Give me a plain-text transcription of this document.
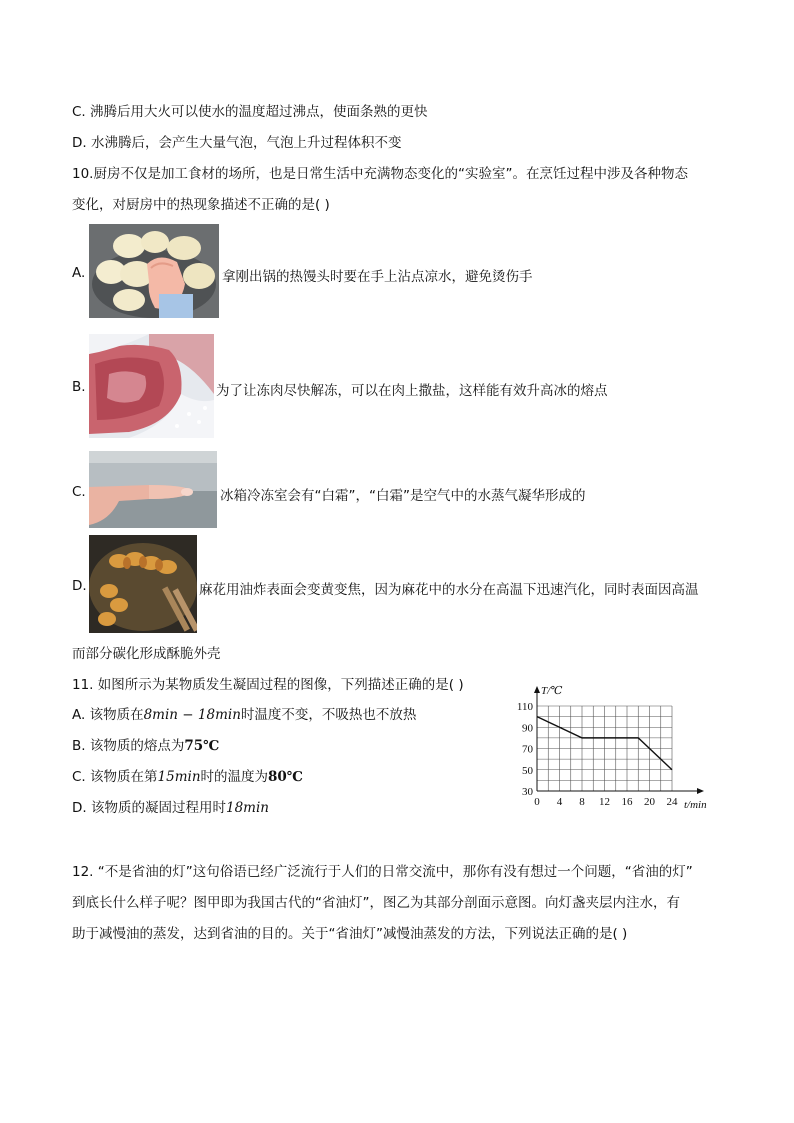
C. 沸腾后用大火可以使水的温度超过沸点，使面条熟的更快
D. 水沸腾后，会产生大量气泡，气泡上升过程体积不变
10.厨房不仅是加工食材的场所，也是日常生活中充满物态变化的“实验室”。在烹饪过程中涉及各种物态
变化，对厨房中的热现象描述不正确的是( )
A.	拿刚出锅的热馒头时要在手上沾点凉水，避免烫伤手
B.	为了让冻肉尽快解冻，可以在肉上撒盐，这样能有效升高冰的熔点
C.	冰箱冷冻室会有“白霜”，“白霜”是空气中的水蒸气凝华形成的
D.	麻花用油炸表面会变黄变焦，因为麻花中的水分在高温下迅速汽化，同时表面因高温
而部分碳化形成酥脆外壳
11. 如图所示为某物质发生凝固过程的图像，下列描述正确的是( )
A. 该物质在8min − 18min时温度不变，不吸热也不放热
B. 该物质的熔点为75℃
C. 该物质在第15min时的温度为80℃
D. 该物质的凝固过程用时18min	0 4 8 12 16 20 24
30
50
70
90
110
T/℃
t/min
12. “不是省油的灯”这句俗语已经广泛流行于人们的日常交流中，那你有没有想过一个问题，“省油的灯”
到底长什么样子呢？图甲即为我国古代的“省油灯”，图乙为其部分剖面示意图。向灯盏夹层内注水，有
助于减慢油的蒸发，达到省油的目的。关于“省油灯”减慢油蒸发的方法，下列说法正确的是( )
